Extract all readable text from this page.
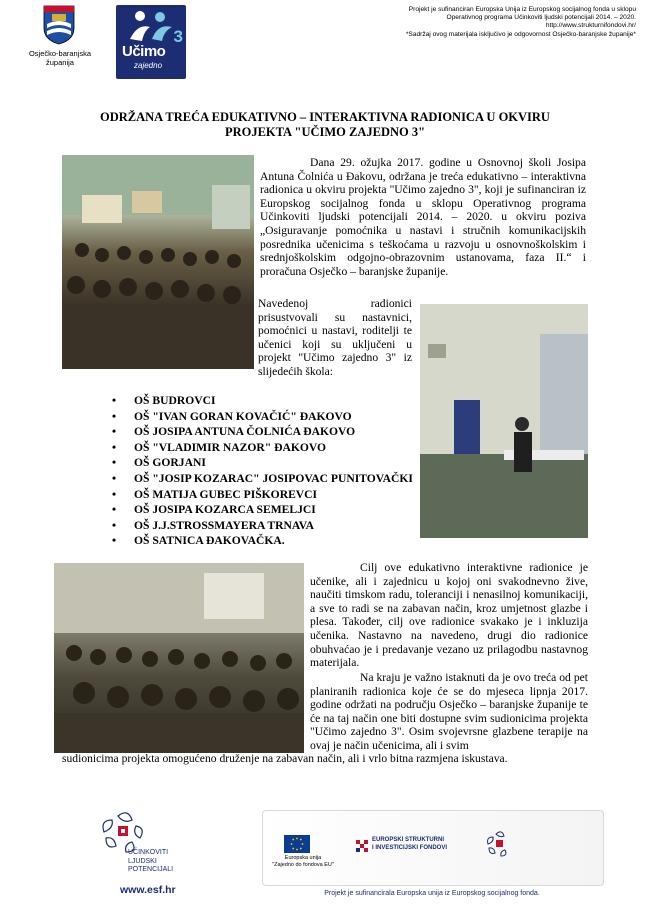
Osječko-baranjska županija
Učimo
3
zajedno
Projekt je sufinanciran Europska Unija iz Europskog socijalnog fonda u sklopu
Operativnog programa Učinkoviti ljudski potencijali 2014. – 2020.
http://www.strukturnifondovi.hr/
*Sadržaj ovog materijala isključivo je odgovornost Osječko-baranjske županije*
ODRŽANA TREĆA EDUKATIVNO – INTERAKTIVNA RADIONICA U OKVIRU
PROJEKTA "UČIMO ZAJEDNO 3"
Dana 29. ožujka 2017. godine u Osnovnoj školi Josipa Antuna Čolnića u Đakovu, održana je treća edukativno – interaktivna radionica u okviru projekta "Učimo zajedno 3", koji je sufinanciran iz Europskog socijalnog fonda u sklopu Operativnog programa Učinkoviti ljudski potencijali 2014. – 2020. u okviru poziva „Osiguravanje pomoćnika u nastavi i stručnih komunikacijskih posrednika učenicima s teškoćama u razvoju u osnovnoškolskim i srednjoškolskim odgojno-obrazovnim ustanovama, faza II.“ i proračuna Osječko – baranjske županije.
Navedenoj radionici prisustvovali su nastavnici, pomoćnici u nastavi, roditelji te učenici koji su uključeni u projekt "Učimo zajedno 3" iz slijedećih škola:
• OŠ BUDROVCI
• OŠ "IVAN GORAN KOVAČIĆ" ĐAKOVO
• OŠ JOSIPA ANTUNA ČOLNIĆA ĐAKOVO
• OŠ "VLADIMIR NAZOR" ĐAKOVO
• OŠ GORJANI
• OŠ "JOSIP KOZARAC" JOSIPOVAC PUNITOVAČKI
• OŠ MATIJA GUBEC PIŠKOREVCI
• OŠ JOSIPA KOZARCA SEMELJCI
• OŠ J.J.STROSSMAYERA TRNAVA
• OŠ SATNICA ĐAKOVAČKA.
Cilj ove edukativno interaktivne radionice je učenike, ali i zajednicu u kojoj oni svakodnevno žive, naučiti timskom radu, toleranciji i nenasilnoj komunikaciji, a sve to radi se na zabavan način, kroz umjetnost glazbe i plesa. Također, cilj ove radionice svakako je i inkluzija učenika. Nastavno na navedeno, drugi dio radionice obuhvaćao je i predavanje vezano uz prilagodbu nastavnog materijala.
Na kraju je važno istaknuti da je ovo treća od pet planiranih radionica koje će se do mjeseca lipnja 2017. godine održati na području Osječko – baranjske županije te će na taj način one biti dostupne svim sudionicima projekta "Učimo zajedno 3". Osim svojevrsne glazbene terapije na ovaj je način učenicima, ali i svim
sudionicima projekta omogućeno druženje na zabavan način, ali i vrlo bitna razmjena iskustava.
UČINKOVITI
LJUDSKI
POTENCIJALI
www.esf.hr
Europska unija
"Zajedno do fondova EU"
EUROPSKI STRUKTURNI
I INVESTICIJSKI FONDOVI
Projekt je sufinancirala Europska unija iz Europskog socijalnog fonda.
